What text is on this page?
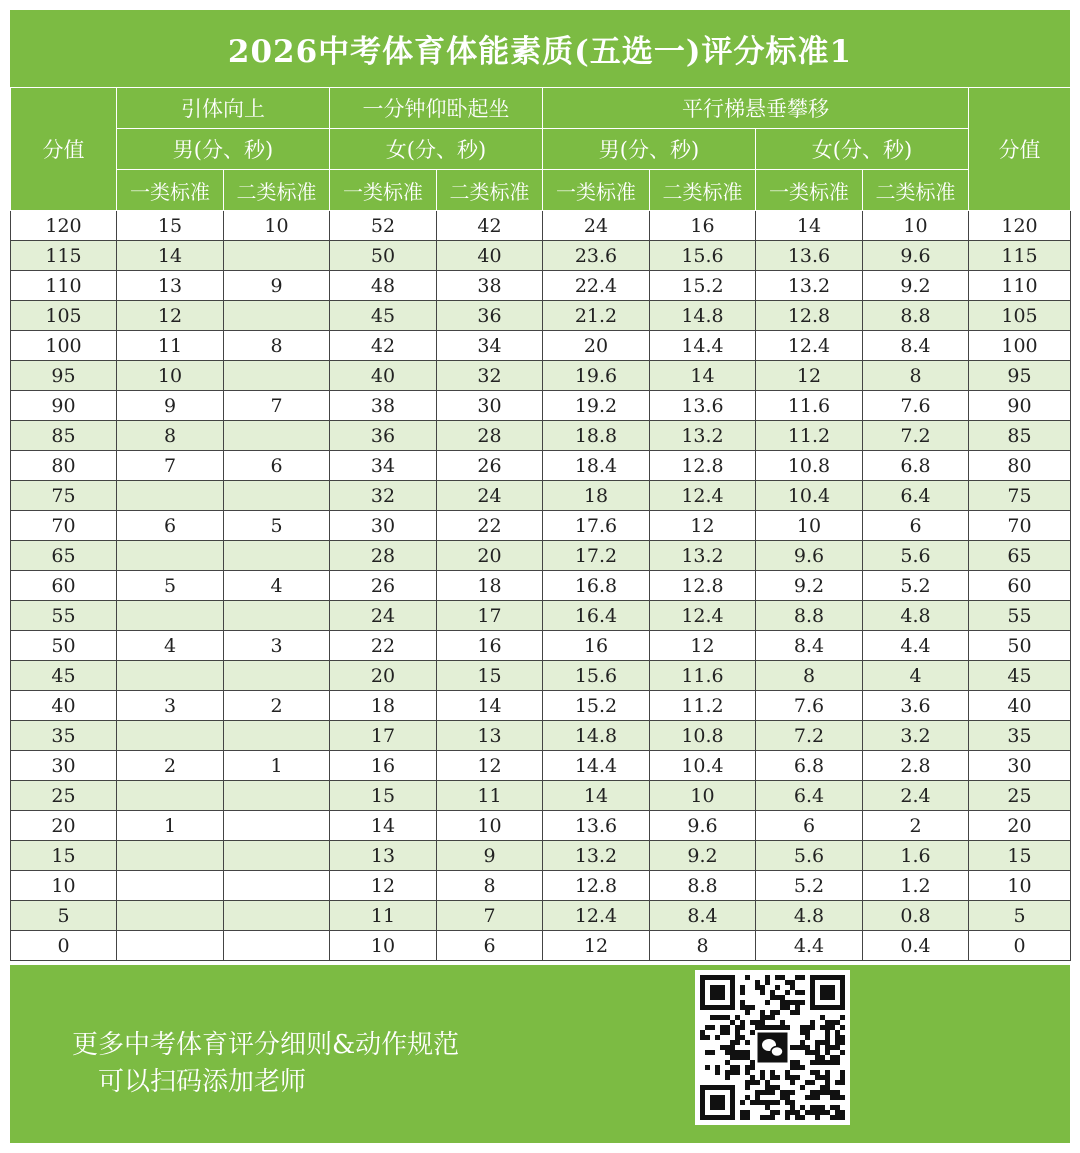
2026中考体育体能素质(五选一)评分标准1
分值	引体向上		一分钟仰卧起坐		平行梯悬垂攀移				分值
	男(分、秒)		女(分、秒)		男(分、秒)		女(分、秒)		
	一类标准	二类标准	一类标准	二类标准	一类标准	二类标准	一类标准	二类标准	
120	15	10	52	42	24	16	14	10	120
115	14		50	40	23.6	15.6	13.6	9.6	115
110	13	9	48	38	22.4	15.2	13.2	9.2	110
105	12		45	36	21.2	14.8	12.8	8.8	105
100	11	8	42	34	20	14.4	12.4	8.4	100
95	10		40	32	19.6	14	12	8	95
90	9	7	38	30	19.2	13.6	11.6	7.6	90
85	8		36	28	18.8	13.2	11.2	7.2	85
80	7	6	34	26	18.4	12.8	10.8	6.8	80
75			32	24	18	12.4	10.4	6.4	75
70	6	5	30	22	17.6	12	10	6	70
65			28	20	17.2	13.2	9.6	5.6	65
60	5	4	26	18	16.8	12.8	9.2	5.2	60
55			24	17	16.4	12.4	8.8	4.8	55
50	4	3	22	16	16	12	8.4	4.4	50
45			20	15	15.6	11.6	8	4	45
40	3	2	18	14	15.2	11.2	7.6	3.6	40
35			17	13	14.8	10.8	7.2	3.2	35
30	2	1	16	12	14.4	10.4	6.8	2.8	30
25			15	11	14	10	6.4	2.4	25
20	1		14	10	13.6	9.6	6	2	20
15			13	9	13.2	9.2	5.6	1.6	15
10			12	8	12.8	8.8	5.2	1.2	10
5			11	7	12.4	8.4	4.8	0.8	5
0			10	6	12	8	4.4	0.4	0
更多中考体育评分细则&动作规范
可以扫码添加老师
